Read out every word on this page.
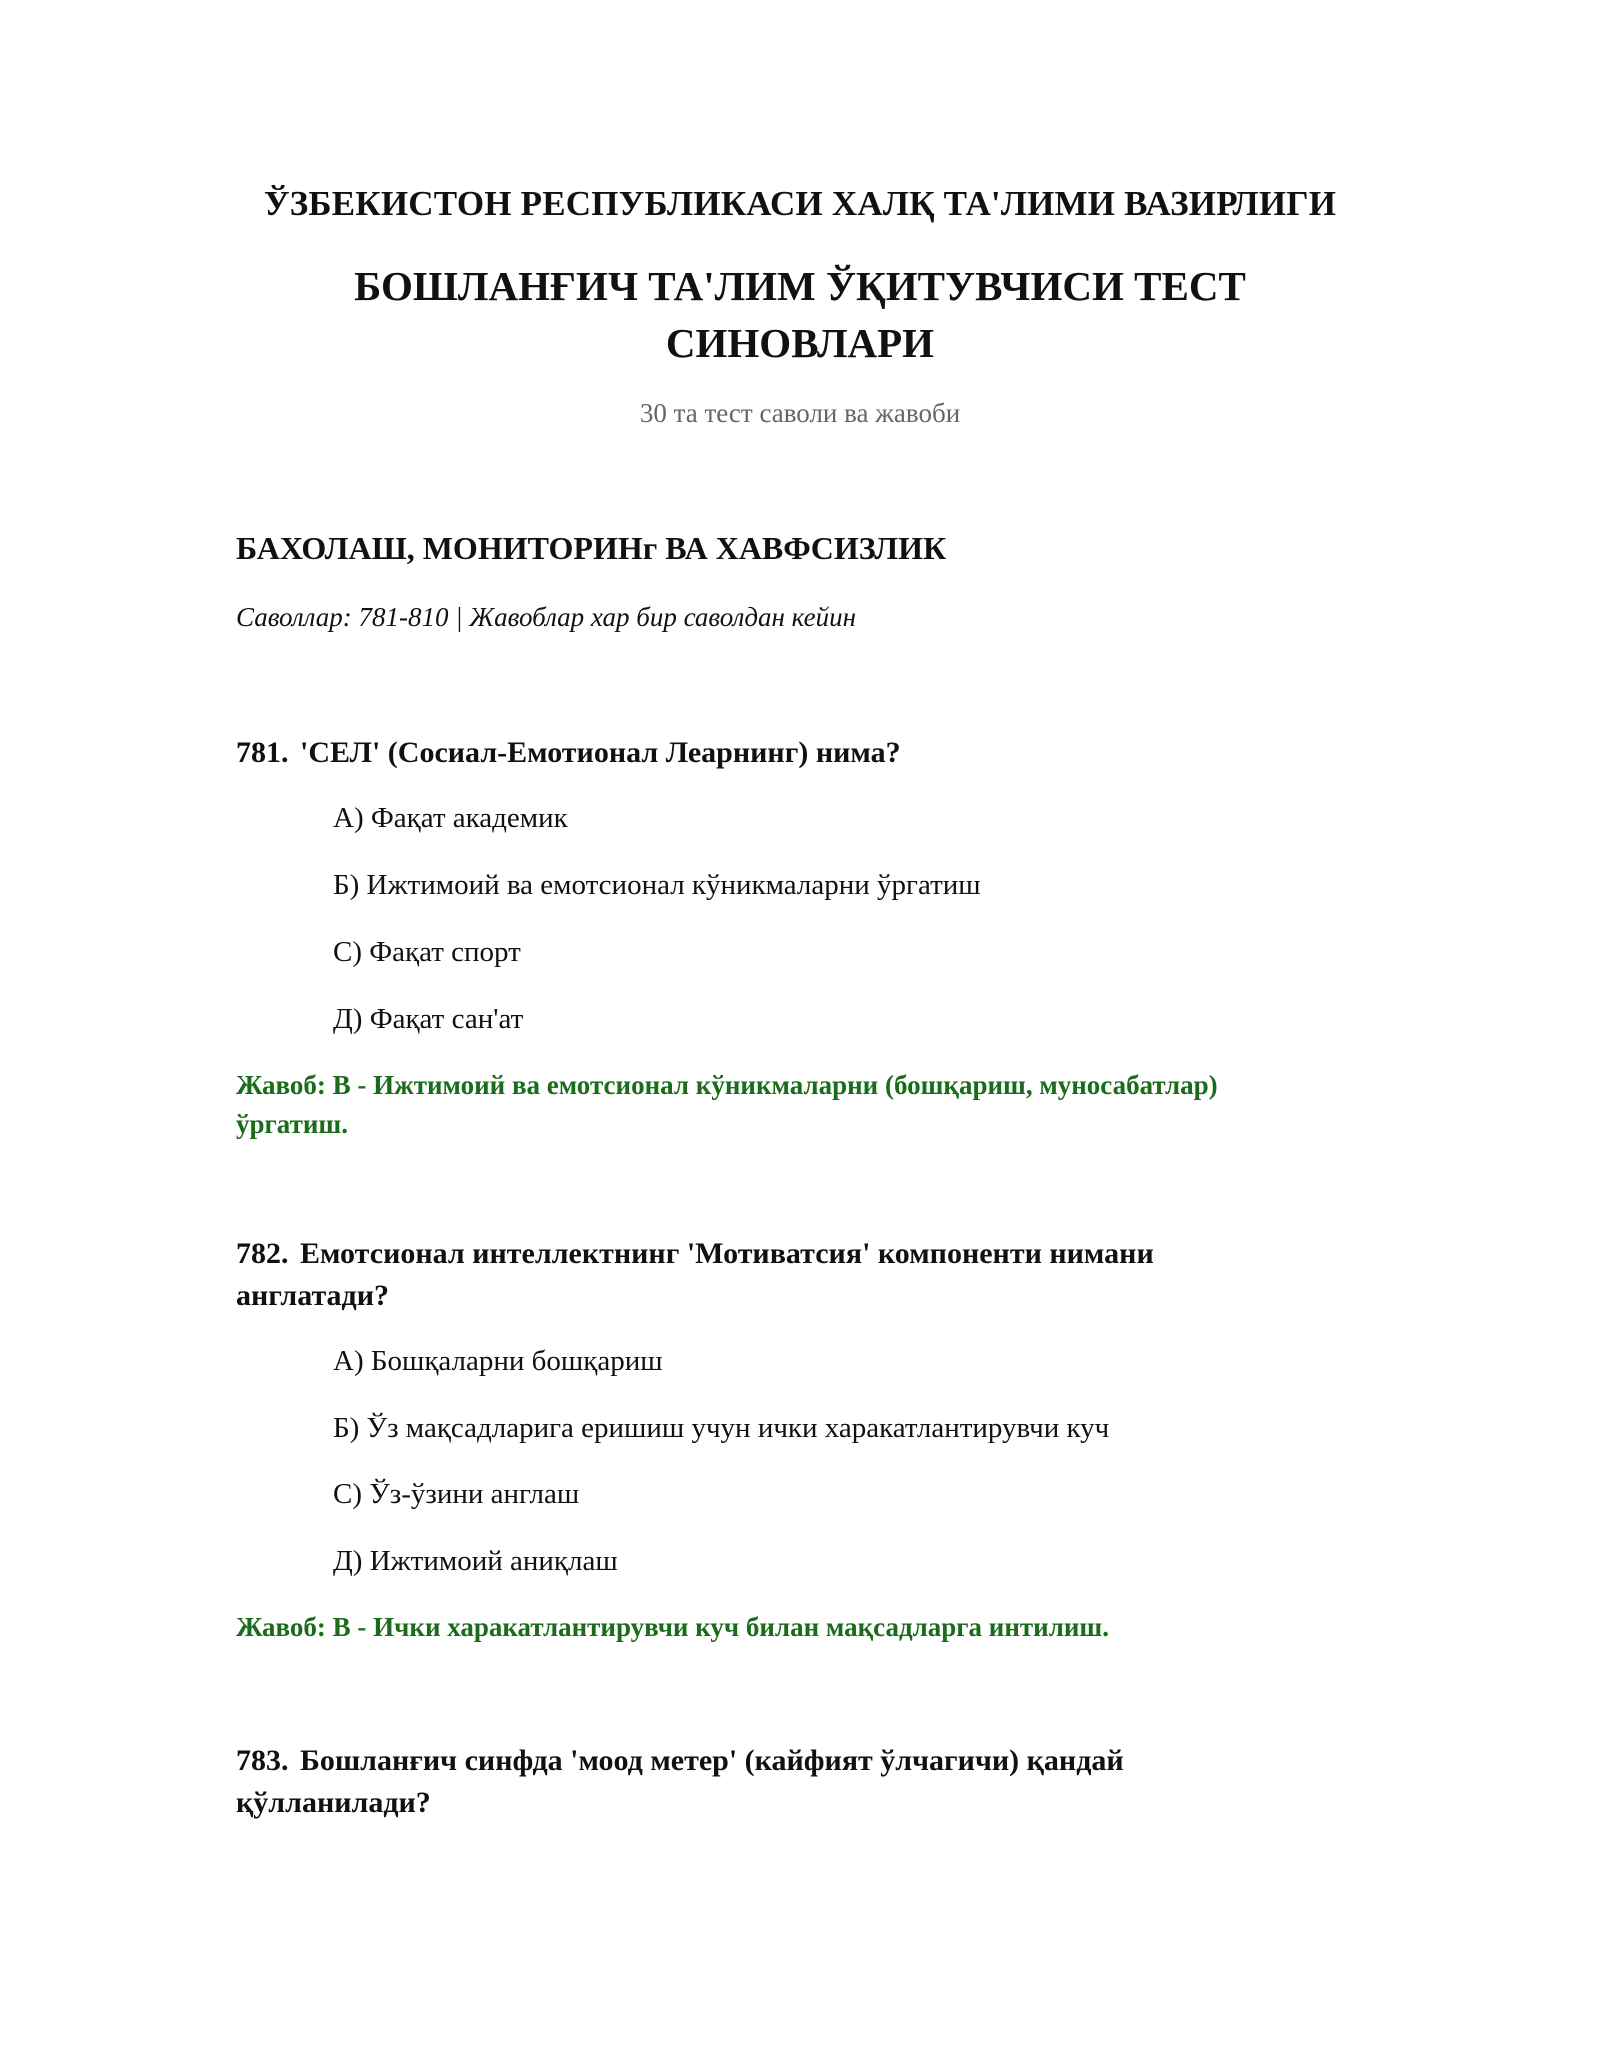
ЎЗБЕКИСТОН РЕСПУБЛИКАСИ ХАЛҚ ТА'ЛИМИ ВАЗИРЛИГИ
БОШЛАНҒИЧ ТА'ЛИМ ЎҚИТУВЧИСИ ТЕСТ
СИНОВЛАРИ
30 та тест саволи ва жавоби
БАХОЛАШ, МОНИТОРИНг ВА ХАВФСИЗЛИК
Саволлар: 781-810 | Жавоблар хар бир саволдан кейин
781. 'СЕЛ' (Сосиал-Емотионал Леарнинг) нима?
А) Фақат академик
Б) Ижтимоий ва емотсионал кўникмаларни ўргатиш
С) Фақат спорт
Д) Фақат сан'ат
Жавоб: B - Ижтимоий ва емотсионал кўникмаларни (бошқариш, муносабатлар)
ўргатиш.
782. Емотсионал интеллектнинг 'Мотиватсия' компоненти нимани
англатади?
А) Бошқаларни бошқариш
Б) Ўз мақсадларига еришиш учун ички харакатлантирувчи куч
С) Ўз-ўзини англаш
Д) Ижтимоий аниқлаш
Жавоб: B - Ички харакатлантирувчи куч билан мақсадларга интилиш.
783. Бошланғич синфда 'моод метер' (кайфият ўлчагичи) қандай
қўлланилади?
